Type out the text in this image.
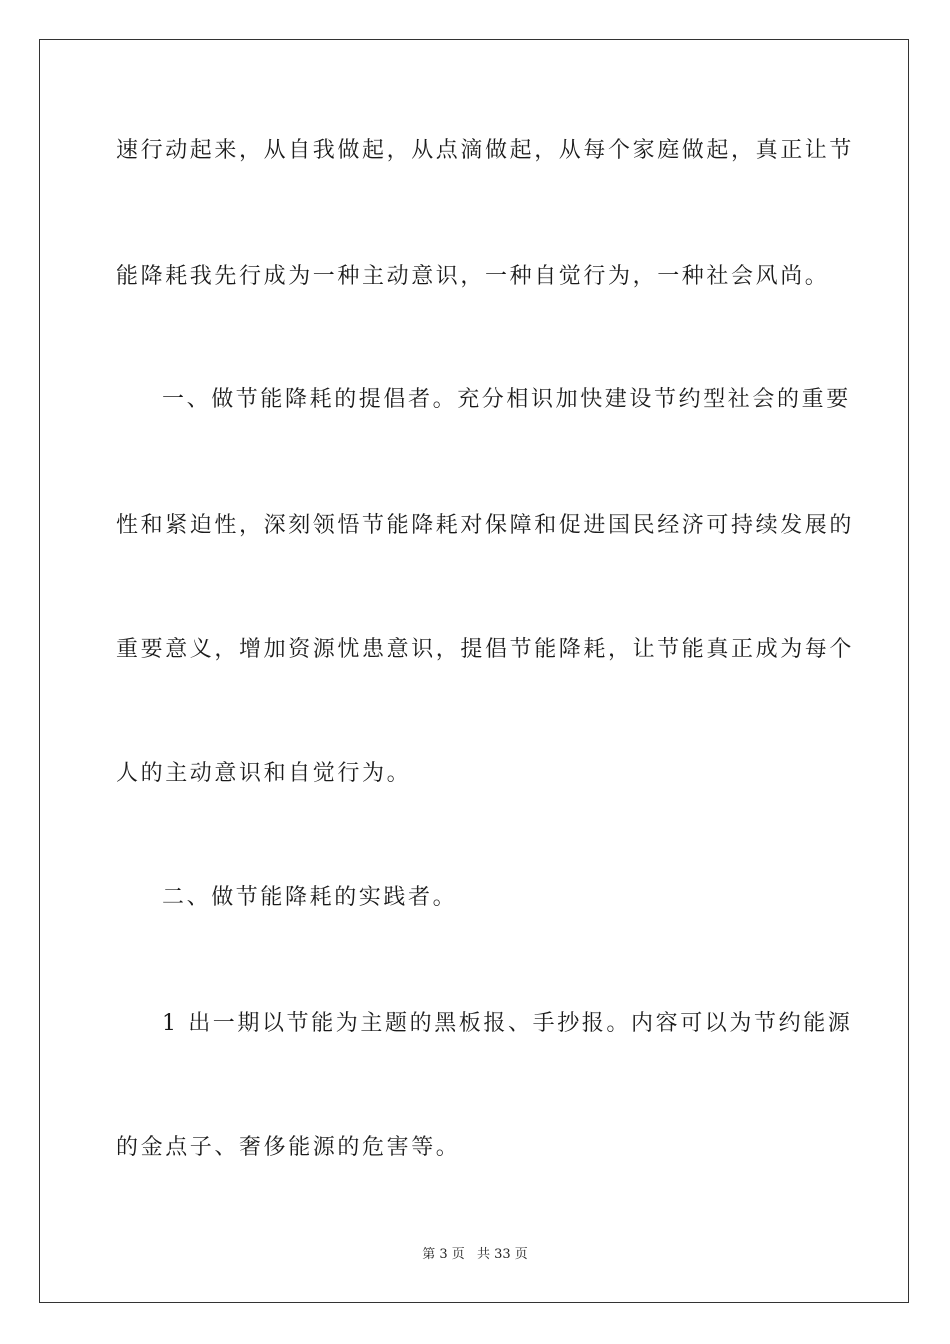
速行动起来，从自我做起，从点滴做起，从每个家庭做起，真正让节
能降耗我先行成为一种主动意识，一种自觉行为，一种社会风尚。
一、做节能降耗的提倡者。充分相识加快建设节约型社会的重要
性和紧迫性，深刻领悟节能降耗对保障和促进国民经济可持续发展的
重要意义，增加资源忧患意识，提倡节能降耗，让节能真正成为每个
人的主动意识和自觉行为。
二、做节能降耗的实践者。
1 出一期以节能为主题的黑板报、手抄报。内容可以为节约能源
的金点子、奢侈能源的危害等。
第 3 页 共 33 页
